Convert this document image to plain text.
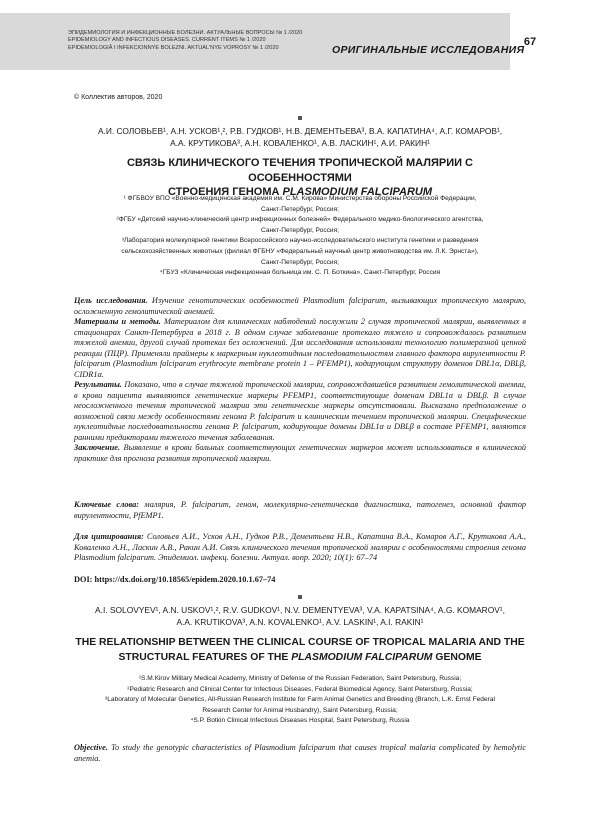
ЭПИДЕМИОЛОГИЯ И ИНФЕКЦИОННЫЕ БОЛЕЗНИ. АКТУАЛЬНЫЕ ВОПРОСЫ № 1 /2020
EPIDEMIOLOGY AND INFECTIOUS DISEASES. CURRENT ITEMS № 1 /2020
EPIDEMIOLOGIÂ I INFEKCIONNYE BOLEZNI. AKTUAL'NYE VOPROSY № 1 /2020	ОРИГИНАЛЬНЫЕ ИССЛЕДОВАНИЯ
67
© Коллектив авторов, 2020
А.И. СОЛОВЬЕВ¹, А.Н. УСКОВ¹,², Р.В. ГУДКОВ¹, Н.В. ДЕМЕНТЬЕВА³, В.А. КАПАТИНА⁴, А.Г. КОМАРОВ¹,
А.А. КРУТИКОВА³, А.Н. КОВАЛЕНКО¹, А.В. ЛАСКИН¹, А.И. РАКИН¹
СВЯЗЬ КЛИНИЧЕСКОГО ТЕЧЕНИЯ ТРОПИЧЕСКОЙ МАЛЯРИИ С ОСОБЕННОСТЯМИ
СТРОЕНИЯ ГЕНОМА PLASMODIUM FALCIPARUM
¹ ФГБВОУ ВПО «Военно-медицинская академия им. С.М. Кирова» Министерства обороны Российской Федерации,
Санкт-Петербург, Россия;
²ФГБУ «Детский научно-клинический центр инфекционных болезней» Федерального медико-биологического агентства,
Санкт-Петербург, Россия;
³Лаборатория молекулярной генетики Всероссийского научно-исследовательского института генетики и разведения
сельскохозяйственных животных (филиал ФГБНУ «Федеральный научный центр животноводства им. Л.К. Эрнста»),
Санкт-Петербург, Россия;
⁴ГБУЗ «Клиническая инфекционная больница им. С. П. Боткина», Санкт-Петербург, Россия

Цель исследования. Изучение генотипических особенностей Plasmodium falciparum, вызывающих тропическую малярию, осложненную гемолитической анемией.

Материалы и методы. Материалом для клинических наблюдений послужили 2 случая тропической малярии, выявленных в стационарах Санкт-Петербурга в 2018 г. В одном случае заболевание протекало тяжело и сопровождалось развитием тяжелой анемии, другой случай протекал без осложнений. Для исследования использовали технологию полимеразной цепной реакции (ПЦР). Применяли праймеры к маркерным нуклеотидным последовательностям главного фактора вирулентности P. falciparum (Plasmodium falciparum erythrocyte membrane protein 1 – PFEMP1), кодирующим структуру доменов DBL1α, DBLβ, CIDR1α.

Результаты. Показано, что в случае тяжелой тропической малярии, сопровождавшейся развитием гемолитической анемии, в крови пациента выявляются генетические маркеры PFEMP1, соответствующие доменам DBL1α и DBLβ. В случае неосложненного течения тропической малярии эти генетические маркеры отсутствовали. Высказано предположение о возможной связи между особенностями генома P. falciparum и клиническим течением тропической малярии. Специфические нуклеотидные последовательности генома P. falciparum, кодирующие домены DBL1α и DBLβ в составе PFEMP1, являются ранними предикторами тяжелого течения заболевания.

Заключение. Выявление в крови больных соответствующих генетических маркеров может использоваться в клинической практике для прогноза развития тропической малярии.

Ключевые слова: малярия, P. falciparum, геном, молекулярно-генетическая диагностика, патогенез, основной фактор вирулентности, PfEMP1.

Для цитирования: Соловьев А.И., Усков А.Н., Гудков Р.В., Дементьева Н.В., Капатина В.А., Комаров А.Г., Крутикова А.А., Коваленко А.Н., Ласкин А.В., Ракин А.И. Связь клинического течения тропической малярии с особенностями строения генома Plasmodium falciparum. Эпидемиол. инфекц. болезни. Актуал. вопр. 2020; 10(1): 67–74

DOI: https://dx.doi.org/10.18565/epidem.2020.10.1.67–74
A.I. SOLOVYEV¹, A.N. USKOV¹,², R.V. GUDKOV¹, N.V. DEMENTYEVA³, V.A. KAPATSINA⁴, A.G. KOMAROV¹,
A.A. KRUTIKOVA³, A.N. KOVALENKO¹, A.V. LASKIN¹, A.I. RAKIN¹
THE RELATIONSHIP BETWEEN THE CLINICAL COURSE OF TROPICAL MALARIA AND THE
STRUCTURAL FEATURES OF THE PLASMODIUM FALCIPARUM GENOME
¹S.M.Kirov Military Medical Academy, Ministry of Defense of the Russian Federation, Saint Petersburg, Russia;
²Pediatric Research and Clinical Center for Infectious Diseases, Federal Biomedical Agency, Saint Petersburg, Russia;
³Laboratory of Molecular Genetics, All-Russian Research Institute for Farm Animal Genetics and Breeding (Branch, L.K. Ernst Federal
Research Center for Animal Husbandry), Saint Petersburg, Russia;
⁴S.P. Botkin Clinical Infectious Diseases Hospital, Saint Petersburg, Russia

Objective. To study the genotypic characteristics of Plasmodium falciparum that causes tropical malaria complicated by hemolytic anemia.
